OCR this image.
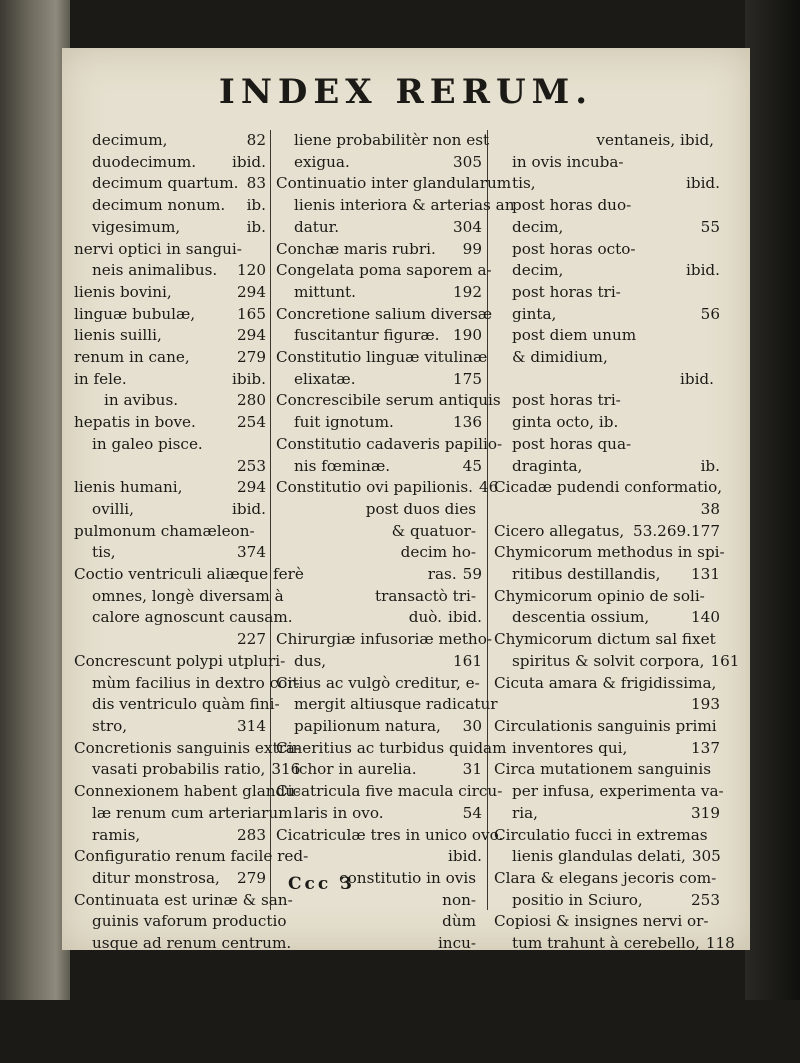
INDEX RERUM.
decimum,	82
duodecimum.	ibid.
decimum quartum. 83
decimum nonum.	ib.
vigesimum,	ib.
nervi optici in sangui-
neis animalibus.	120
lienis bovini,	294
linguæ bubulæ,	165
lienis suilli,	294
renum in cane,	279
in fele.	ibib.
in avibus.	280
hepatis in bove.	254
in galeo piscе.
253
lienis humani,	294
ovilli,	ibid.
pulmonum chamæleon-
tis,	374
Coctio ventriculi aliæque ferè
omnes, longè diversam à
calore agnoscunt causam.
227
Concrescunt polypi utpluri-
mùm facilius in dextro cor-
dis ventriculo quàm fini-
stro,	314
Concretionis sanguinis extra-
vasati probabilis ratio, 316
Connexionem habent glandu-
læ renum cum arteriarum
ramis,	283
Configuratio renum facile red-
ditur monstrosa,	279
Continuata est urinæ & san-
guinis vaforum productio
usque ad renum centrum.
284
Concreti calculi ex gypsea ma-
teria in liene observati. 292
Conditio separati humoris in
liene probabilitèr non est
exigua.	305
Continuatio inter glandularum
lienis interiora & arterias an
datur.	304
Conchæ maris rubri.	99
Congelata poma saporem a-
mittunt.	192
Concretione salium diversæ
fuscitantur figuræ. 190
Constitutio linguæ vitulinæ
elixatæ.	175
Concrescibile serum antiquis
fuit ignotum.	136
Constitutio cadaveris papilio-
nis fœminæ.	45
Constitutio ovi papilionis. 46
post duos dies
& quatuor-
decim ho-
ras. 59
transactò tri-
duò. ibid.
Chirurgiæ infusoriæ metho-
dus,	161
Citius ac vulgò creditur, e-
mergit altiusque radicatur
papilionum natura,	30
Cineritius ac turbidus quidam
ichor in aurelia.	31
Cicatricula five macula circu-
laris in ovo.	54
Cicatriculæ tres in unico ovo.
ibid.
constitutio in ovis
non-
dùm
incu-
batis.
54
in ovis
fub-
ventaneis, ibid,
in ovis incuba-
tis,	ibid.
post horas duo-
decim,	55
post horas octo-
decim,	ibid.
post horas tri-
ginta,	56
post diem unum
& dimidium,
ibid.
post horas tri-
ginta octo, ib.
post horas qua-
draginta,	ib.
Cicadæ pudendi conformatio,
38
Cicero allegatus, 53.269.177
Chymicorum methodus in spi-
ritibus destillandis,	131
Chymicorum opinio de soli-
descentia ossium,	140
Chymicorum dictum sal fixet
spiritus & solvit corpora, 161
Cicuta amara & frigidissima,
193
Circulationis sanguinis primi
inventores qui,	137
Circa mutationem sanguinis
per infusa, experimenta va-
ria,	319
Circulatio fucci in extremas
lienis glandulas delati, 305
Clara & elegans jecoris com-
positio in Sciuro,	253
Copiosi & insignes nervi or-
tum trahunt à cerebello, 118
Copiosæ glandulæ in pingue-
dine,	243
Copia separati humoris in liene
probabilitèr non est exigua,
305
Ccc 3
